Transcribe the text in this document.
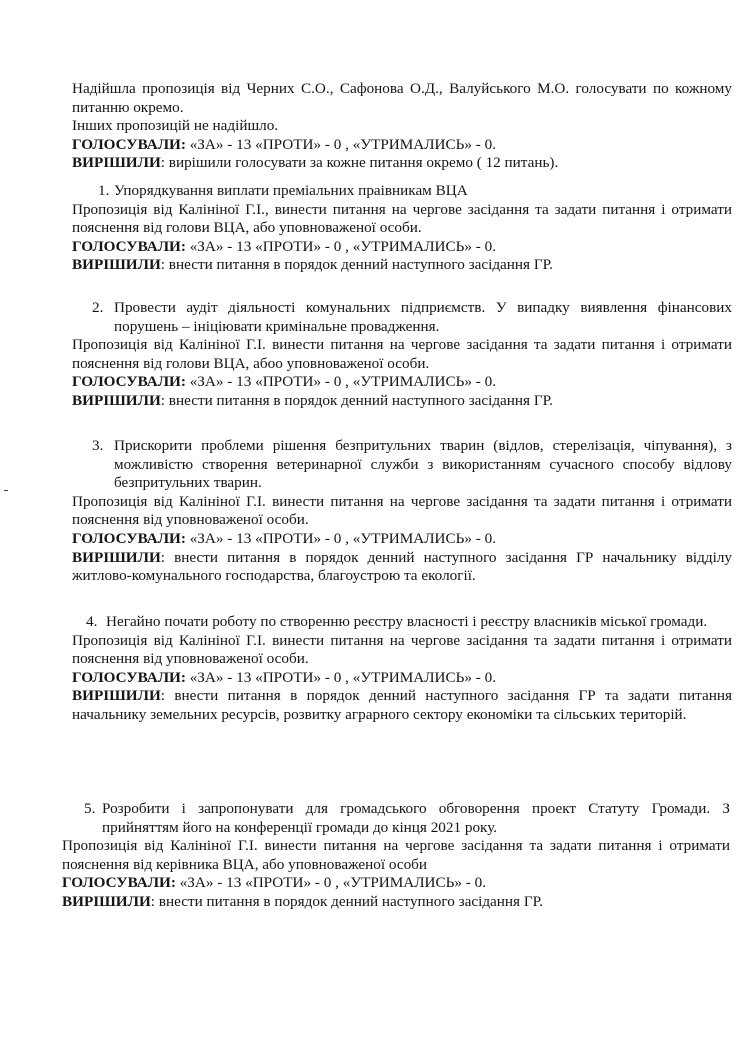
Надійшла пропозиція від Черних С.О., Сафонова О.Д., Валуйського М.О. голосувати по кожному питанню окремо.

Інших пропозицій не надійшло.

ГОЛОСУВАЛИ: «ЗА» - 13 «ПРОТИ» - 0 , «УТРИМАЛИСЬ» - 0.

ВИРІШИЛИ: вирішили голосувати за кожне питання окремо ( 12 питань).

1. Упорядкування виплати преміальних праівникам ВЦА

Пропозиція від Калініної Г.І., винести питання на чергове засідання та задати питання і отримати пояснення від голови ВЦА, або уповноваженої особи.

ГОЛОСУВАЛИ: «ЗА» - 13 «ПРОТИ» - 0 , «УТРИМАЛИСЬ» - 0.

ВИРІШИЛИ: внести питання в порядок денний наступного засідання ГР.

2. Провести аудіт діяльності комунальних підприємств. У випадку виявлення фінансових порушень – ініціювати кримінальне провадження.

Пропозиція від Калініної Г.І. винести питання на чергове засідання та задати питання і отримати пояснення від голови ВЦА, абоо уповноваженої особи.

ГОЛОСУВАЛИ: «ЗА» - 13 «ПРОТИ» - 0 , «УТРИМАЛИСЬ» - 0.

ВИРІШИЛИ: внести питання в порядок денний наступного засідання ГР.

3. Прискорити проблеми рішення безпритульних тварин (відлов, стерелізація, чіпування), з можливістю створення ветеринарної служби з використанням сучасного способу відлову безпритульних тварин.

Пропозиція від Калініної Г.І. винести питання на чергове засідання та задати питання і отримати пояснення від уповноваженої особи.

ГОЛОСУВАЛИ: «ЗА» - 13 «ПРОТИ» - 0 , «УТРИМАЛИСЬ» - 0.

ВИРІШИЛИ: внести питання в порядок денний наступного засідання ГР начальнику відділу житлово-комунального господарства, благоустрою та екології.

4. Негайно почати роботу по створенню реєстру власності і реєстру власників міської громади.

Пропозиція від Калініної Г.І. винести питання на чергове засідання та задати питання і отримати пояснення від уповноваженої особи.

ГОЛОСУВАЛИ: «ЗА» - 13 «ПРОТИ» - 0 , «УТРИМАЛИСЬ» - 0.

ВИРІШИЛИ: внести питання в порядок денний наступного засідання ГР та задати питання начальнику земельних ресурсів, розвитку аграрного сектору економіки та сільських територій.

5. Розробити і запропонувати для громадського обговорення проект Статуту Громади. З прийняттям його на конференції громади до кінця 2021 року.

Пропозиція від Калініної Г.І. винести питання на чергове засідання та задати питання і отримати пояснення від керівника ВЦА, або уповноваженої особи

ГОЛОСУВАЛИ: «ЗА» - 13 «ПРОТИ» - 0 , «УТРИМАЛИСЬ» - 0.

ВИРІШИЛИ: внести питання в порядок денний наступного засідання ГР.
